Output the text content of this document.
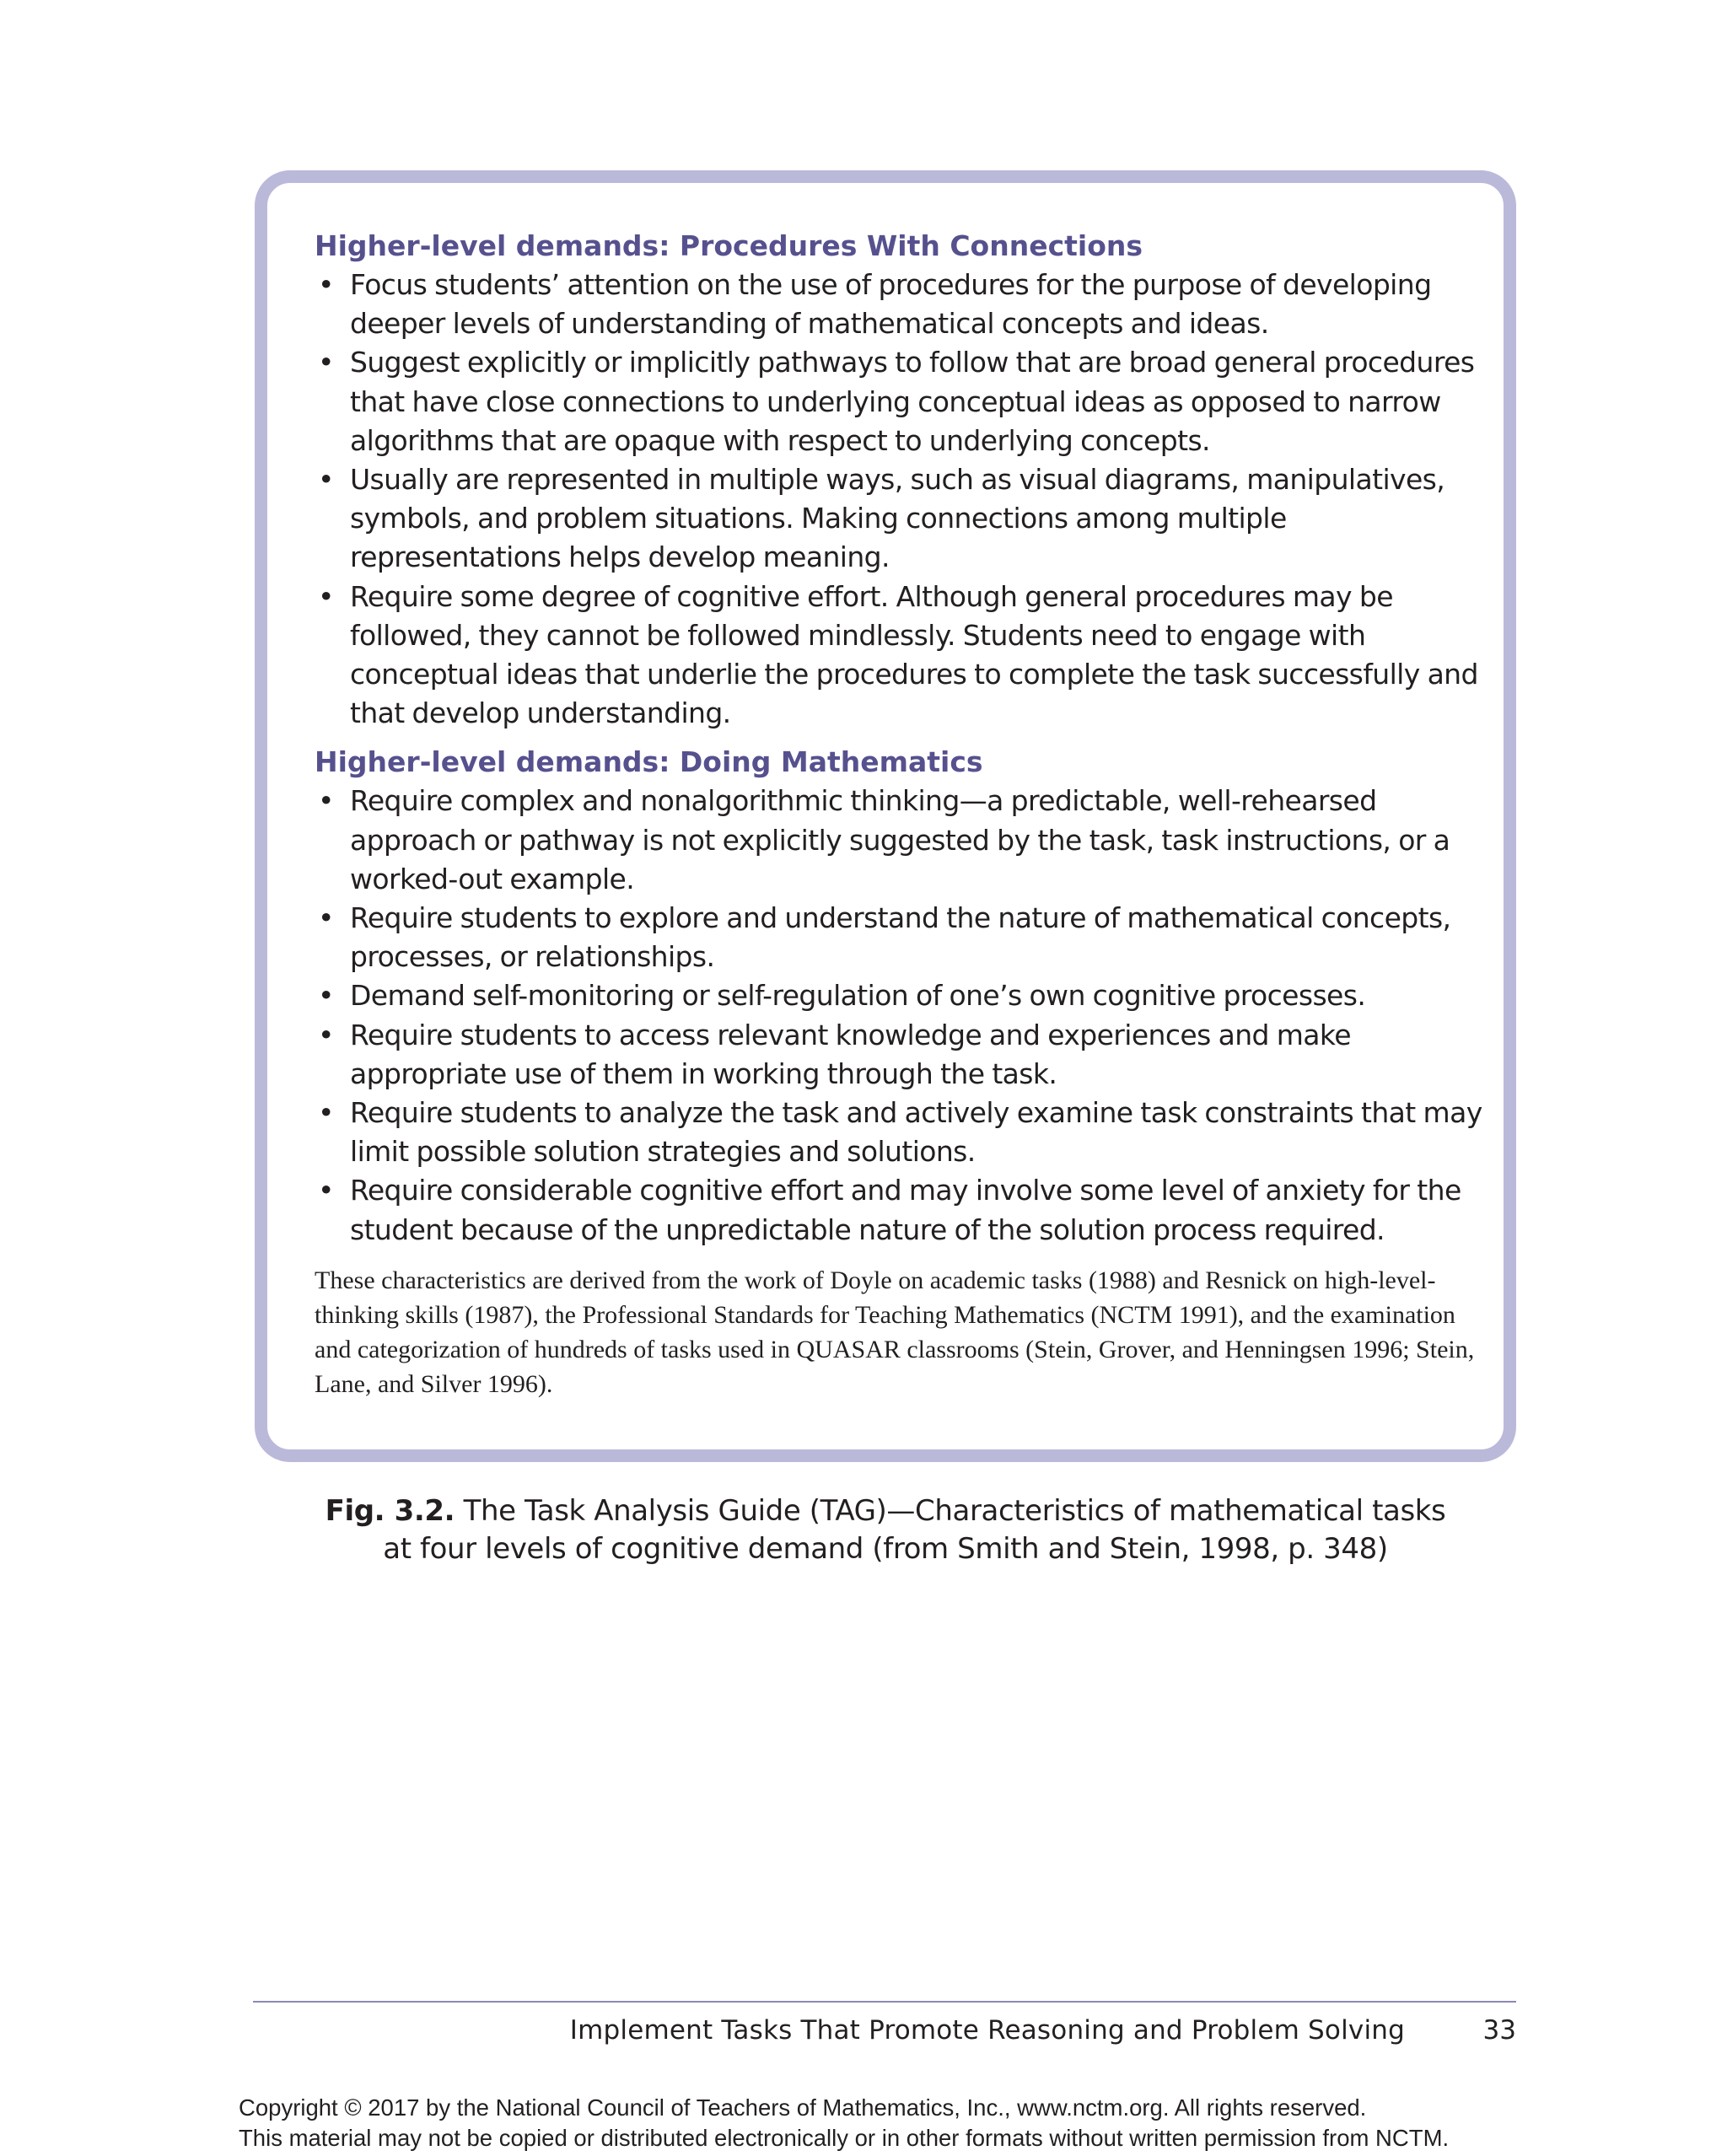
Higher-level demands: Procedures With Connections
• Focus students’ attention on the use of procedures for the purpose of developing deeper levels of understanding of mathematical concepts and ideas.
• Suggest explicitly or implicitly pathways to follow that are broad general procedures that have close connections to underlying conceptual ideas as opposed to narrow algorithms that are opaque with respect to underlying concepts.
• Usually are represented in multiple ways, such as visual diagrams, manipulatives, symbols, and problem situations. Making connections among multiple representations helps develop meaning.
• Require some degree of cognitive effort. Although general procedures may be followed, they cannot be followed mindlessly. Students need to engage with conceptual ideas that underlie the procedures to complete the task successfully and that develop understanding.
Higher-level demands: Doing Mathematics
• Require complex and nonalgorithmic thinking—a predictable, well-rehearsed approach or pathway is not explicitly suggested by the task, task instructions, or a worked-out example.
• Require students to explore and understand the nature of mathematical concepts, processes, or relationships.
• Demand self-monitoring or self-regulation of one’s own cognitive processes.
• Require students to access relevant knowledge and experiences and make appropriate use of them in working through the task.
• Require students to analyze the task and actively examine task constraints that may limit possible solution strategies and solutions.
• Require considerable cognitive effort and may involve some level of anxiety for the student because of the unpredictable nature of the solution process required.

These characteristics are derived from the work of Doyle on academic tasks (1988) and Resnick on high-level-thinking skills (1987), the Professional Standards for Teaching Mathematics (NCTM 1991), and the examination and categorization of hundreds of tasks used in QUASAR classrooms (Stein, Grover, and Henningsen 1996; Stein, Lane, and Silver 1996).

Fig. 3.2. The Task Analysis Guide (TAG)—Characteristics of mathematical tasks
at four levels of cognitive demand (from Smith and Stein, 1998, p. 348)
Implement Tasks That Promote Reasoning and Problem Solving	33
Copyright © 2017 by the National Council of Teachers of Mathematics, Inc., www.nctm.org. All rights reserved.
This material may not be copied or distributed electronically or in other formats without written permission from NCTM.
